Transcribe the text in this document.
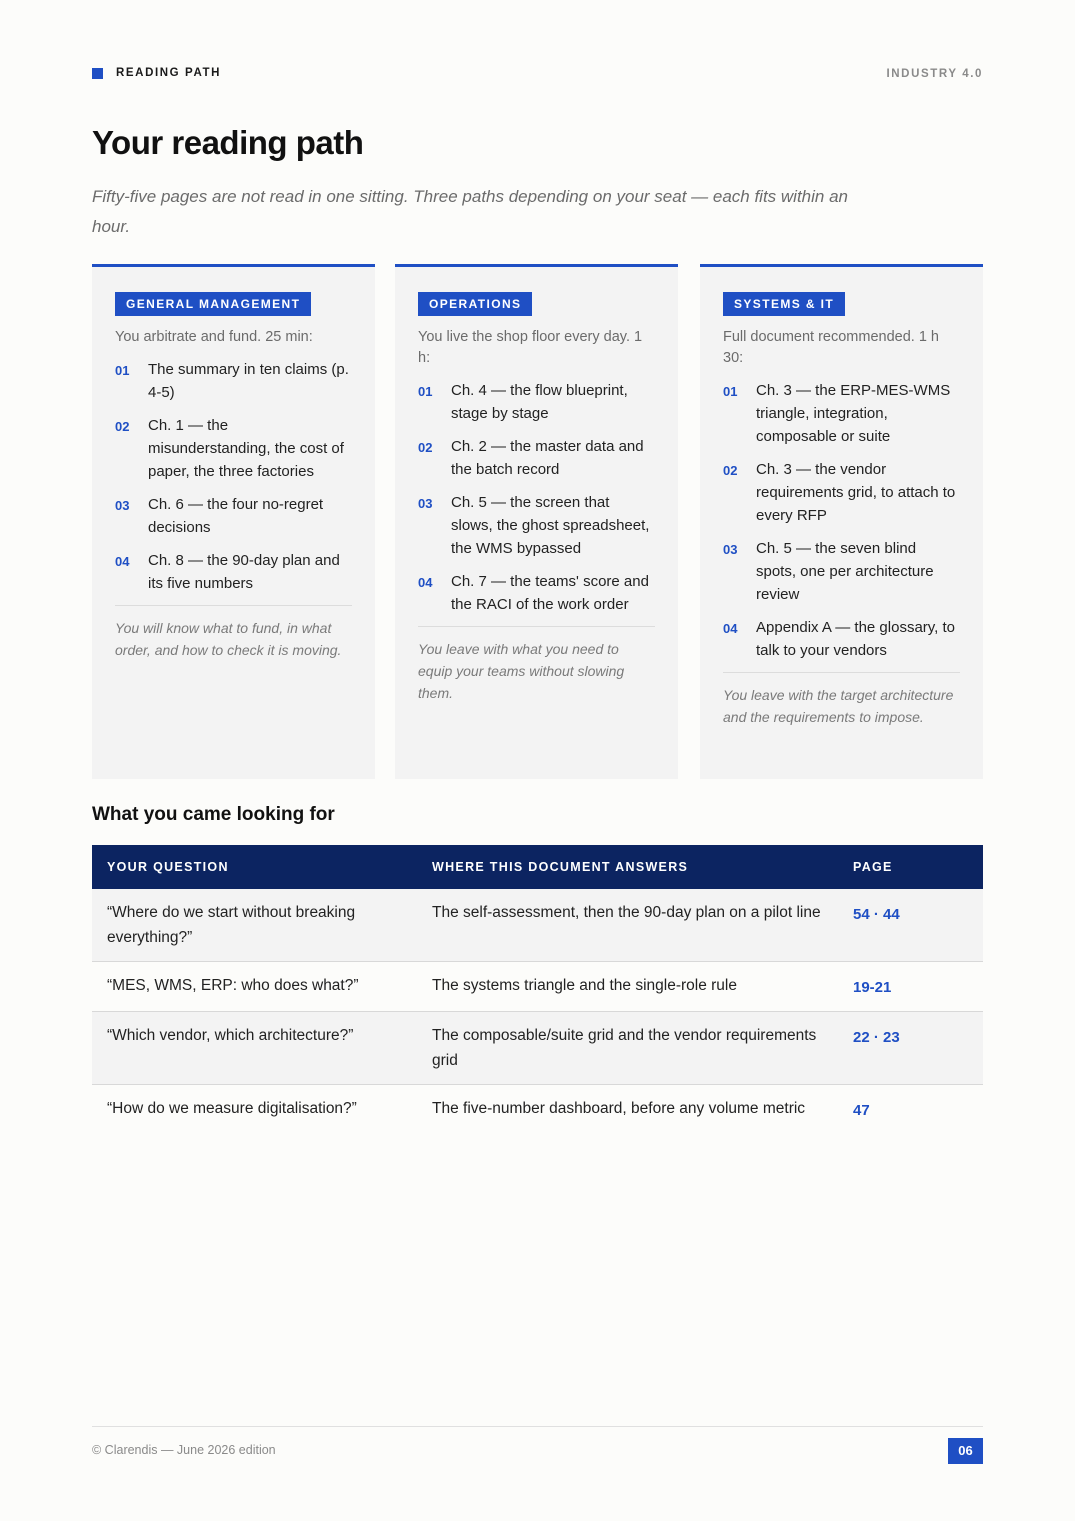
READING PATH	INDUSTRY 4.0
Your reading path

Fifty-five pages are not read in one sitting. Three paths depending on your seat — each fits within an hour.

GENERAL MANAGEMENT

You arbitrate and fund. 25 min:

01 The summary in ten claims (p. 4-5)
02 Ch. 1 — the misunderstanding, the cost of paper, the three factories
03 Ch. 6 — the four no-regret decisions
04 Ch. 8 — the 90-day plan and its five numbers

You will know what to fund, in what order, and how to check it is moving.

OPERATIONS

You live the shop floor every day. 1 h:

01 Ch. 4 — the flow blueprint, stage by stage
02 Ch. 2 — the master data and the batch record
03 Ch. 5 — the screen that slows, the ghost spreadsheet, the WMS bypassed
04 Ch. 7 — the teams' score and the RACI of the work order

You leave with what you need to equip your teams without slowing them.

SYSTEMS & IT

Full document recommended. 1 h 30:

01 Ch. 3 — the ERP-MES-WMS triangle, integration, composable or suite
02 Ch. 3 — the vendor requirements grid, to attach to every RFP
03 Ch. 5 — the seven blind spots, one per architecture review
04 Appendix A — the glossary, to talk to your vendors

You leave with the target architecture and the requirements to impose.

What you came looking for
YOUR QUESTION	WHERE THIS DOCUMENT ANSWERS	PAGE
“Where do we start without breaking everything?”	The self-assessment, then the 90-day plan on a pilot line	54 · 44
“MES, WMS, ERP: who does what?”	The systems triangle and the single-role rule	19-21
“Which vendor, which architecture?”	The composable/suite grid and the vendor requirements grid	22 · 23
“How do we measure digitalisation?”	The five-number dashboard, before any volume metric	47
© Clarendis — June 2026 edition	06
